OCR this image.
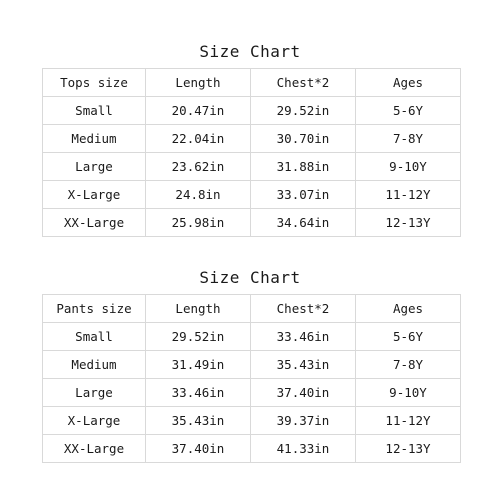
Size Chart
Tops size	Length	Chest*2	Ages
Small	20.47in	29.52in	5-6Y
Medium	22.04in	30.70in	7-8Y
Large	23.62in	31.88in	9-10Y
X-Large	24.8in	33.07in	11-12Y
XX-Large	25.98in	34.64in	12-13Y
Size Chart
Pants size	Length	Chest*2	Ages
Small	29.52in	33.46in	5-6Y
Medium	31.49in	35.43in	7-8Y
Large	33.46in	37.40in	9-10Y
X-Large	35.43in	39.37in	11-12Y
XX-Large	37.40in	41.33in	12-13Y
